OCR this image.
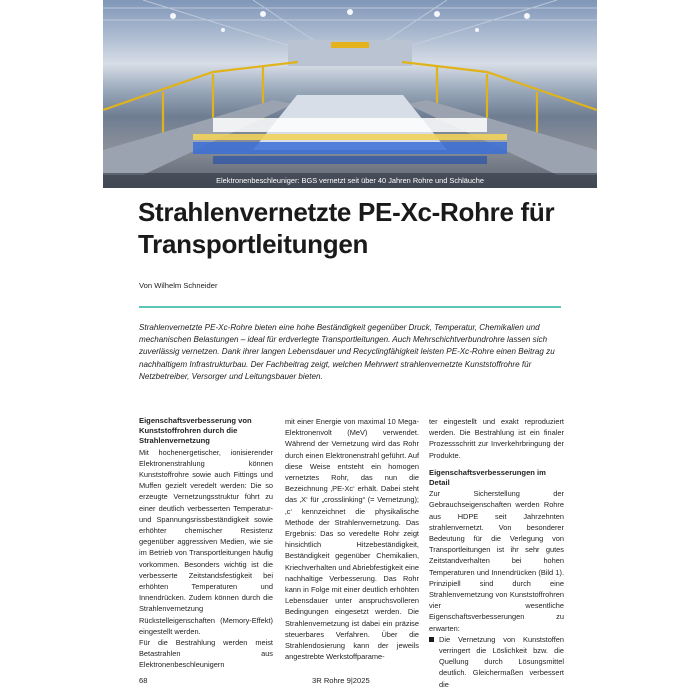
Elektronenbeschleuniger: BGS vernetzt seit über 40 Jahren Rohre und Schläuche
Strahlenvernetzte PE-Xc-Rohre für Transportleitungen
Von Wilhelm Schneider

Strahlenvernetzte PE-Xc-Rohre bieten eine hohe Beständigkeit gegenüber Druck, Temperatur, Chemikalien und mechanischen Belastungen – ideal für erdverlegte Transportleitungen. Auch Mehrschichtverbundrohre lassen sich zuverlässig vernetzen. Dank ihrer langen Lebensdauer und Recyclingfähigkeit leisten PE-Xc-Rohre einen Beitrag zu nachhaltigem Infrastrukturbau. Der Fachbeitrag zeigt, welchen Mehrwert strahlenvernetzte Kunststoffrohre für Netzbetreiber, Versorger und Leitungsbauer bieten.

Eigenschaftsverbesserung von Kunststoffrohren durch die Strahlenvernetzung

Mit hochenergetischer, ionisierender Elektronenstrahlung können Kunststoffrohre sowie auch Fittings und Muffen gezielt veredelt werden: Die so erzeugte Vernetzungsstruktur führt zu einer deutlich verbesserten Temperatur- und Spannungsrissbeständigkeit sowie erhöhter chemischer Resistenz gegenüber aggressiven Medien, wie sie im Betrieb von Transportleitungen häufig vorkommen. Besonders wichtig ist die verbesserte Zeitstandsfestigkeit bei erhöhten Temperaturen und Innendrücken. Zudem können durch die Strahlenvernetzung Rückstelleigenschaften (Memory-Effekt) eingestellt werden.

Für die Bestrahlung werden meist Betastrahlen aus Elektronenbeschleunigern

mit einer Energie von maximal 10 Mega-Elektronenvolt (MeV) verwendet. Während der Vernetzung wird das Rohr durch einen Elektronenstrahl geführt. Auf diese Weise entsteht ein homogen vernetztes Rohr, das nun die Bezeichnung ‚PE-Xc‘ erhält. Dabei steht das ‚X‘ für „crosslinking“ (= Vernetzung); ‚c‘ kennzeichnet die physikalische Methode der Strahlenvernetzung. Das Ergebnis: Das so veredelte Rohr zeigt hinsichtlich Hitzebeständigkeit, Beständigkeit gegenüber Chemikalien, Kriechverhalten und Abriebfestigkeit eine nachhaltige Verbesserung. Das Rohr kann in Folge mit einer deutlich erhöhten Lebensdauer unter anspruchsvolleren Bedingungen eingesetzt werden. Die Strahlenvernetzung ist dabei ein präzise steuerbares Verfahren. Über die Strahlendosierung kann der jeweils angestrebte Werkstoffparame-

ter eingestellt und exakt reproduziert werden. Die Bestrahlung ist ein finaler Prozessschritt zur Inverkehrbringung der Produkte.

Eigenschaftsverbesserungen im Detail

Zur Sicherstellung der Gebrauchseigenschaften werden Rohre aus HDPE seit Jahrzehnten strahlenvernetzt. Von besonderer Bedeutung für die Verlegung von Transportleitungen ist ihr sehr gutes Zeitstandverhalten bei hohen Temperaturen und Innendrücken (Bild 1). Prinzipiell sind durch eine Strahlenvernetzung von Kunststoffrohren vier wesentliche Eigenschaftsverbesserungen zu erwarten:

Die Vernetzung von Kunststoffen verringert die Löslichkeit bzw. die Quellung durch Lösungsmittel deutlich. Gleichermaßen verbessert die
68	3R Rohre 9|2025
